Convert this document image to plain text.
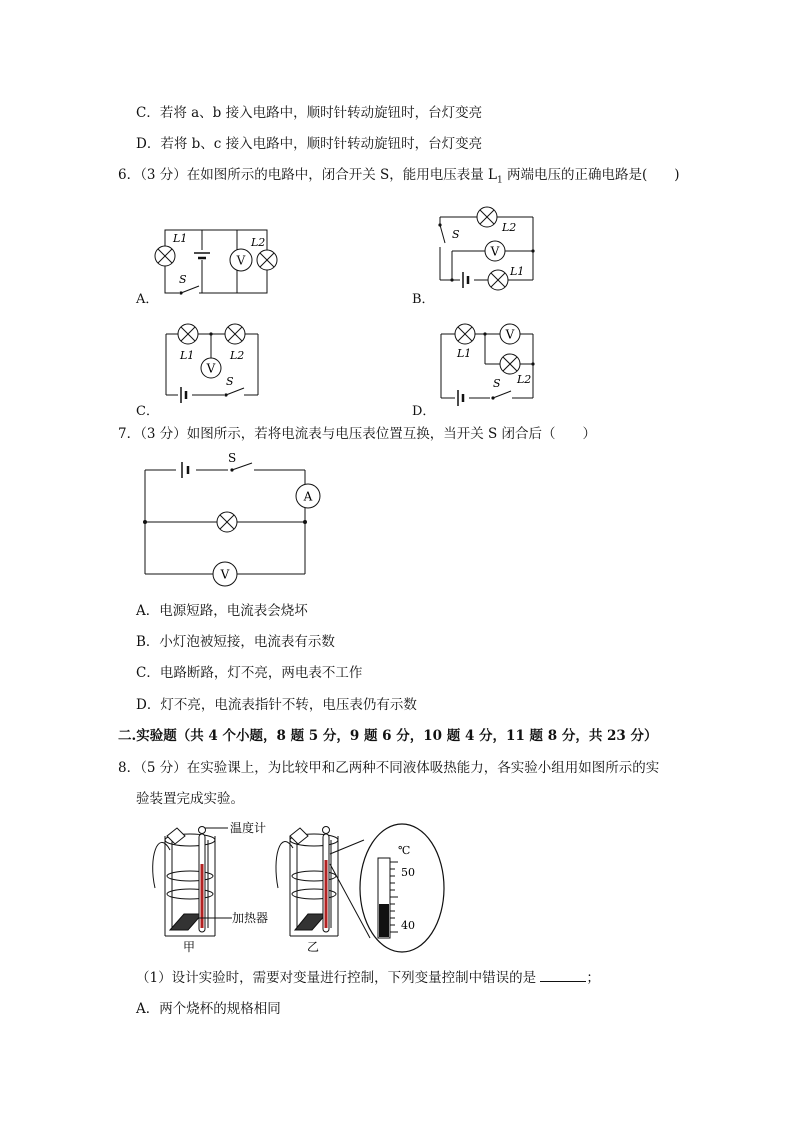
C．若将 a、b 接入电路中，顺时针转动旋钮时，台灯变亮
D．若将 b、c 接入电路中，顺时针转动旋钮时，台灯变亮
6．（3 分）在如图所示的电路中，闭合开关 S，能用电压表量 $L_1$ 两端电压的正确电路是(　　)
V
L1	L2
S
A．
V
S
L2
L1
B．
V
L1	L2
S
C．
V
L1
L2
S
D．
7．（3 分）如图所示，若将电流表与电压表位置互换，当开关 S 闭合后（　　）
S
A
V
A．电源短路，电流表会烧坏
B．小灯泡被短接，电流表有示数
C．电路断路，灯不亮，两电表不工作
D．灯不亮，电流表指针不转，电压表仍有示数
二.实验题（共 4 个小题，8 题 5 分，9 题 6 分，10 题 4 分，11 题 8 分，共 23 分）
8．（5 分）在实验课上，为比较甲和乙两种不同液体吸热能力，各实验小组用如图所示的实
验装置完成实验。
温度计
加热器
甲	乙
℃
50
40
（1）设计实验时，需要对变量进行控制，下列变量控制中错误的是	；
A．两个烧杯的规格相同
